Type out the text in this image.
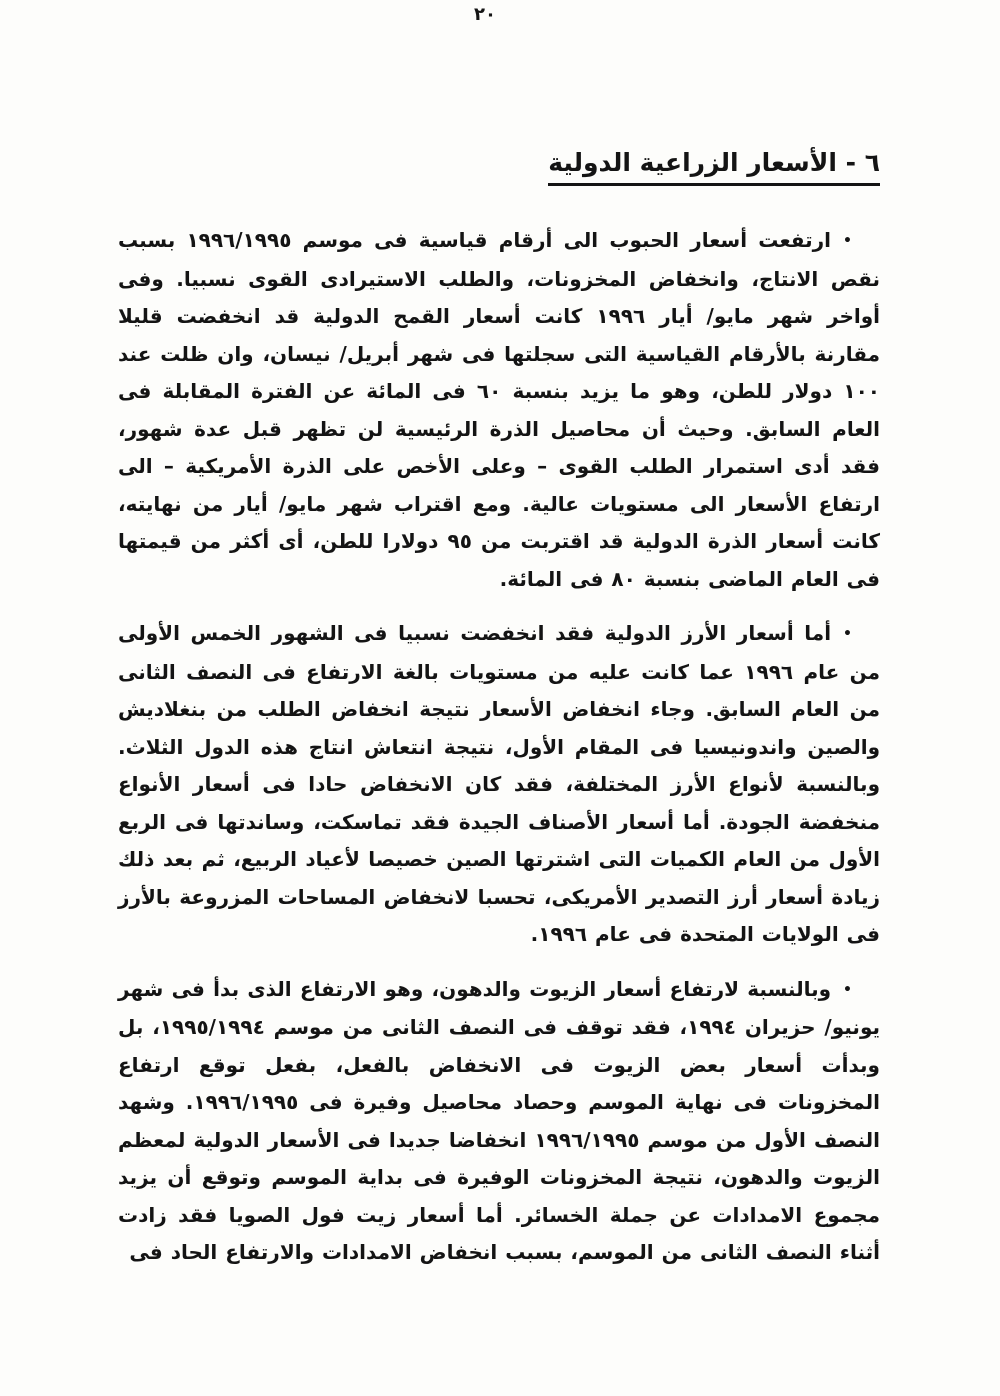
٢٠
٦ - الأسعار الزراعية الدولية

•ارتفعت أسعار الحبوب الى أرقام قياسية فى موسم ١٩٩٦/١٩٩٥ بسبب نقص الانتاج، وانخفاض المخزونات، والطلب الاستيرادى القوى نسبيا. وفى أواخر شهر مايو/ أيار ١٩٩٦ كانت أسعار القمح الدولية قد انخفضت قليلا مقارنة بالأرقام القياسية التى سجلتها فى شهر أبريل/ نيسان، وان ظلت عند ١٠٠ دولار للطن، وهو ما يزيد بنسبة ٦٠ فى المائة عن الفترة المقابلة فى العام السابق. وحيث أن محاصيل الذرة الرئيسية لن تظهر قبل عدة شهور، فقد أدى استمرار الطلب القوى – وعلى الأخص على الذرة الأمريكية – الى ارتفاع الأسعار الى مستويات عالية. ومع اقتراب شهر مايو/ أيار من نهايته، كانت أسعار الذرة الدولية قد اقتربت من ٩٥ دولارا للطن، أى أكثر من قيمتها فى العام الماضى بنسبة ٨٠ فى المائة.

•أما أسعار الأرز الدولية فقد انخفضت نسبيا فى الشهور الخمس الأولى من عام ١٩٩٦ عما كانت عليه من مستويات بالغة الارتفاع فى النصف الثانى من العام السابق. وجاء انخفاض الأسعار نتيجة انخفاض الطلب من بنغلاديش والصين واندونيسيا فى المقام الأول، نتيجة انتعاش انتاج هذه الدول الثلاث. وبالنسبة لأنواع الأرز المختلفة، فقد كان الانخفاض حادا فى أسعار الأنواع منخفضة الجودة. أما أسعار الأصناف الجيدة فقد تماسكت، وساندتها فى الربع الأول من العام الكميات التى اشترتها الصين خصيصا لأعياد الربيع، ثم بعد ذلك زيادة أسعار أرز التصدير الأمريكى، تحسبا لانخفاض المساحات المزروعة بالأرز فى الولايات المتحدة فى عام ١٩٩٦.

•وبالنسبة لارتفاع أسعار الزيوت والدهون، وهو الارتفاع الذى بدأ فى شهر يونيو/ حزيران ١٩٩٤، فقد توقف فى النصف الثانى من موسم ١٩٩٥/١٩٩٤، بل وبدأت أسعار بعض الزيوت فى الانخفاض بالفعل، بفعل توقع ارتفاع المخزونات فى نهاية الموسم وحصاد محاصيل وفيرة فى ١٩٩٦/١٩٩٥. وشهد النصف الأول من موسم ١٩٩٦/١٩٩٥ انخفاضا جديدا فى الأسعار الدولية لمعظم الزيوت والدهون، نتيجة المخزونات الوفيرة فى بداية الموسم وتوقع أن يزيد مجموع الامدادات عن جملة الخسائر. أما أسعار زيت فول الصويا فقد زادت أثناء النصف الثانى من الموسم، بسبب انخفاض الامدادات والارتفاع الحاد فى
